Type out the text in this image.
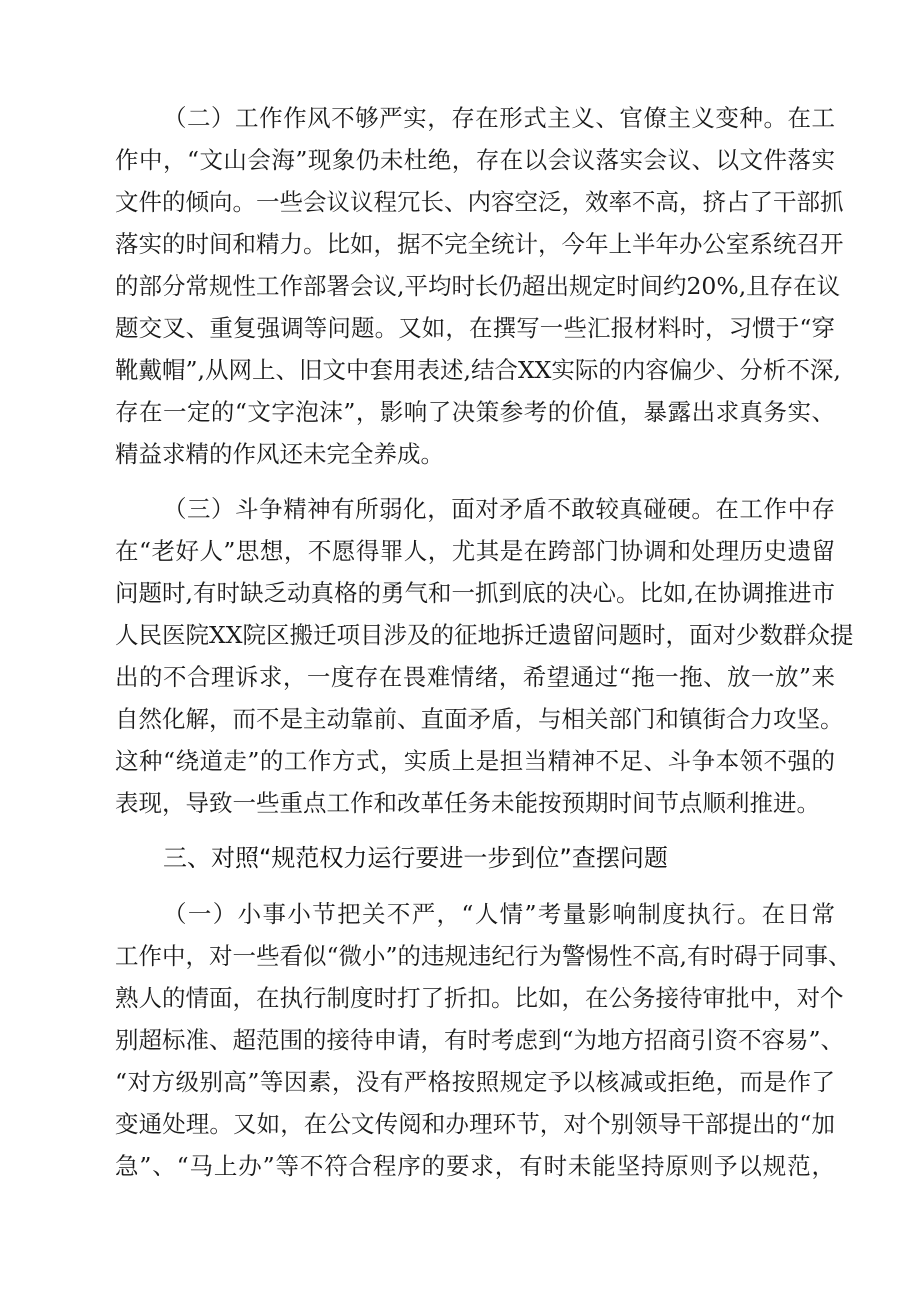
（二）工作作风不够严实，存在形式主义、官僚主义变种。在工
作中，“文山会海”现象仍未杜绝，存在以会议落实会议、以文件落实
文件的倾向。一些会议议程冗长、内容空泛，效率不高，挤占了干部抓
落实的时间和精力。比如，据不完全统计，今年上半年办公室系统召开
的部分常规性工作部署会议,平均时长仍超出规定时间约20%,且存在议
题交叉、重复强调等问题。又如，在撰写一些汇报材料时，习惯于“穿
靴戴帽”,从网上、旧文中套用表述,结合XX实际的内容偏少、分析不深,
存在一定的“文字泡沫”，影响了决策参考的价值，暴露出求真务实、
精益求精的作风还未完全养成。
（三）斗争精神有所弱化，面对矛盾不敢较真碰硬。在工作中存
在“老好人”思想，不愿得罪人，尤其是在跨部门协调和处理历史遗留
问题时,有时缺乏动真格的勇气和一抓到底的决心。比如,在协调推进市
人民医院XX院区搬迁项目涉及的征地拆迁遗留问题时，面对少数群众提
出的不合理诉求，一度存在畏难情绪，希望通过“拖一拖、放一放”来
自然化解，而不是主动靠前、直面矛盾，与相关部门和镇街合力攻坚。
这种“绕道走”的工作方式，实质上是担当精神不足、斗争本领不强的
表现，导致一些重点工作和改革任务未能按预期时间节点顺利推进。
三、对照“规范权力运行要进一步到位”查摆问题
（一）小事小节把关不严，“人情”考量影响制度执行。在日常
工作中，对一些看似“微小”的违规违纪行为警惕性不高,有时碍于同事、
熟人的情面，在执行制度时打了折扣。比如，在公务接待审批中，对个
别超标准、超范围的接待申请，有时考虑到“为地方招商引资不容易”、
“对方级别高”等因素，没有严格按照规定予以核减或拒绝，而是作了
变通处理。又如，在公文传阅和办理环节，对个别领导干部提出的“加
急”、“马上办”等不符合程序的要求，有时未能坚持原则予以规范，
